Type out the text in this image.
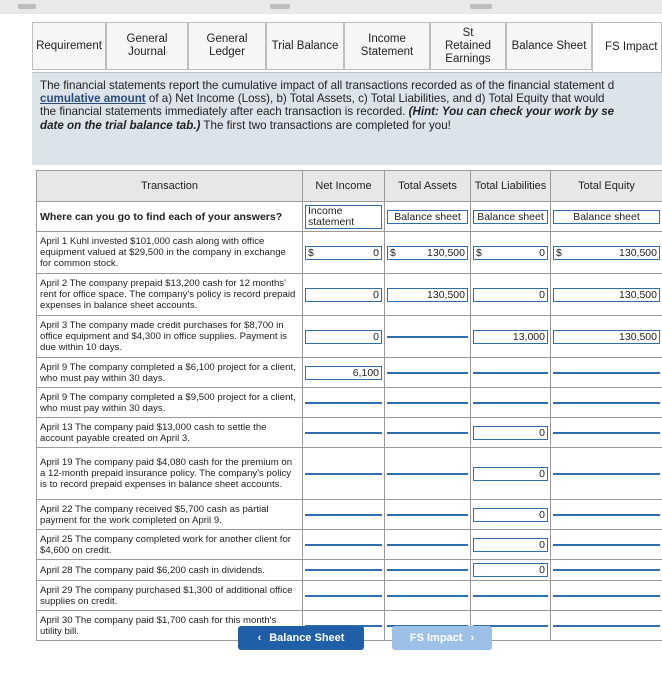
Requirement
General Journal
General Ledger
Trial Balance
Income Statement
St Retained Earnings
Balance Sheet	FS Impact

The financial statements report the cumulative impact of all transactions recorded as of the financial statement d
cumulative amount of a) Net Income (Loss), b) Total Assets, c) Total Liabilities, and d) Total Equity that would
the financial statements immediately after each transaction is recorded. (Hint: You can check your work by se
date on the trial balance tab.) The first two transactions are completed for you!

Transaction	Net Income	Total Assets	Total Liabilities	Total Equity
Where can you go to find each of your answers?	Income statement	Balance sheet	Balance sheet	Balance sheet

April 1 Kuhl invested $101,000 cash along with office equipment valued at $29,500 in the company in exchange for common stock.	$ 0	$ 130,500	$ 0	$ 130,500

April 2 The company prepaid $13,200 cash for 12 months' rent for office space. The company's policy is record prepaid expenses in balance sheet accounts.	0	130,500	0	130,500

April 3 The company made credit purchases for $8,700 in office equipment and $4,300 in office supplies. Payment is due within 10 days.	0		13,000	130,500

April 9 The company completed a $6,100 project for a client, who must pay within 30 days.	6,100			

April 9 The company completed a $9,500 project for a client, who must pay within 30 days.	

April 13 The company paid $13,000 cash to settle the account payable created on April 3.			0	

April 19 The company paid $4,080 cash for the premium on a 12-month prepaid insurance policy. The company's policy is to record prepaid expenses in balance sheet accounts.			0	

April 22 The company received $5,700 cash as partial payment for the work completed on April 9.			0	

April 25 The company completed work for another client for $4,600 on credit.			0	

April 28 The company paid $6,200 cash in dividends.			0	

April 29 The company purchased $1,300 of additional office supplies on credit.	

April 30 The company paid $1,700 cash for this month's utility bill.	

‹ Balance Sheet	FS Impact ›
